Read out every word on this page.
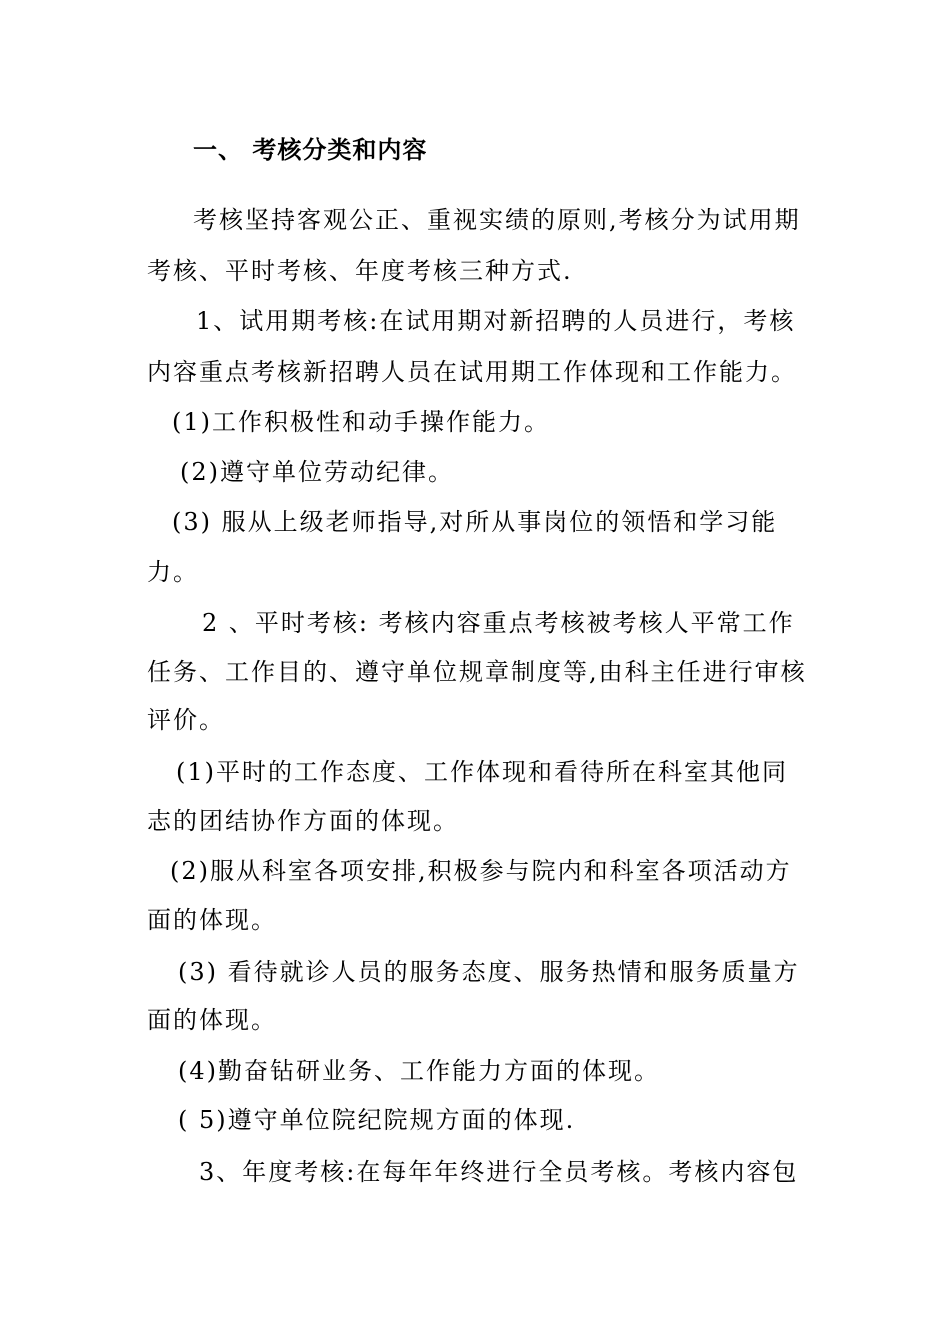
一、 考核分类和内容
考核坚持客观公正、重视实绩的原则,考核分为试用期
考核、平时考核、年度考核三种方式.
1、试用期考核:在试用期对新招聘的人员进行，考核
内容重点考核新招聘人员在试用期工作体现和工作能力。
(1)工作积极性和动手操作能力。
(2)遵守单位劳动纪律。
(3) 服从上级老师指导,对所从事岗位的领悟和学习能
力。
2 、平时考核: 考核内容重点考核被考核人平常工作
任务、工作目的、遵守单位规章制度等,由科主任进行审核
评价。
(1)平时的工作态度、工作体现和看待所在科室其他同
志的团结协作方面的体现。
(2)服从科室各项安排,积极参与院内和科室各项活动方
面的体现。
(3) 看待就诊人员的服务态度、服务热情和服务质量方
面的体现。
(4)勤奋钻研业务、工作能力方面的体现。
( 5)遵守单位院纪院规方面的体现.
3、年度考核:在每年年终进行全员考核。考核内容包
